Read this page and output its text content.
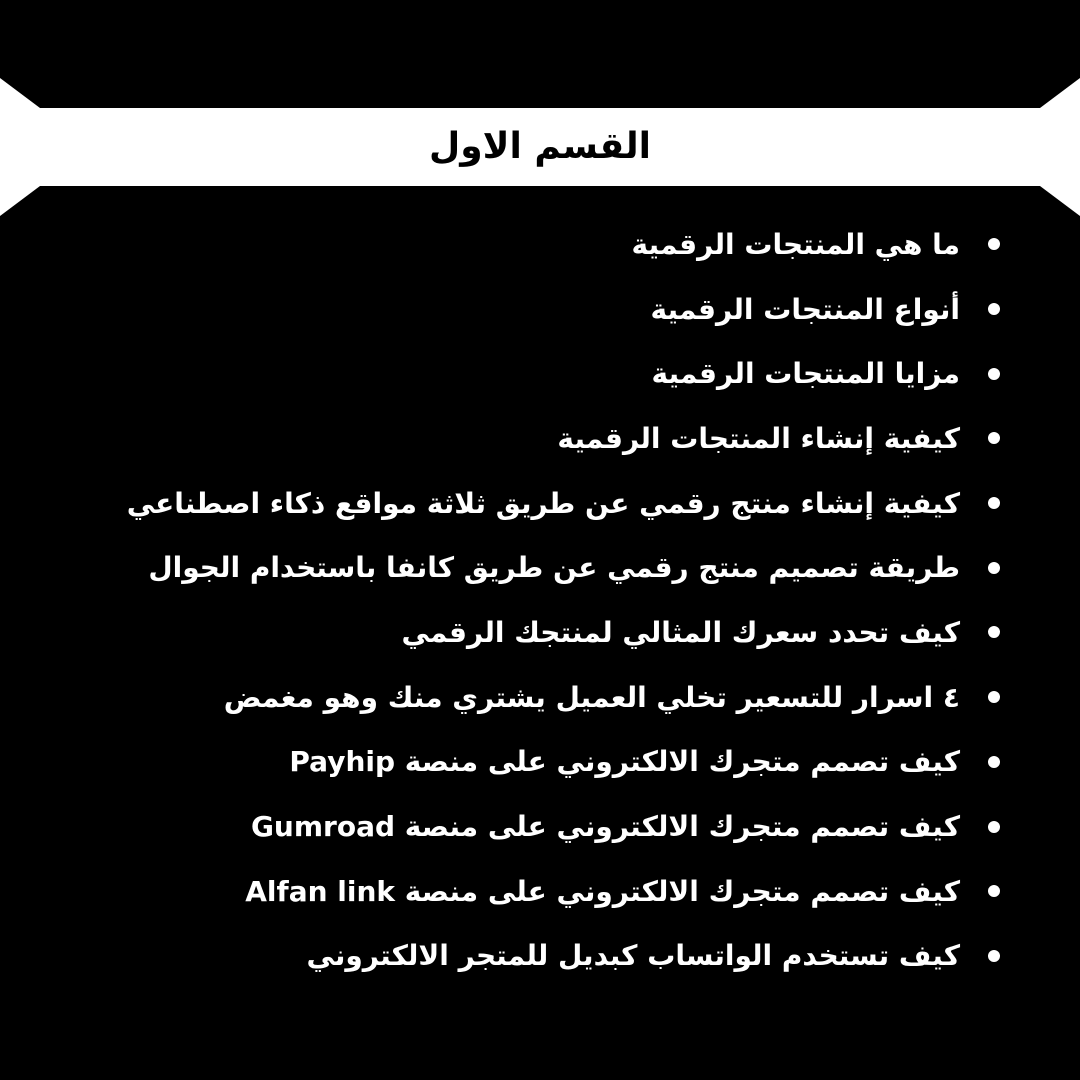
القسم الاول
ما هي المنتجات الرقمية
أنواع المنتجات الرقمية
مزايا المنتجات الرقمية
كيفية إنشاء المنتجات الرقمية
كيفية إنشاء منتج رقمي عن طريق ثلاثة مواقع ذكاء اصطناعي
طريقة تصميم منتج رقمي عن طريق كانفا باستخدام الجوال
كيف تحدد سعرك المثالي لمنتجك الرقمي
٤ اسرار للتسعير تخلي العميل يشتري منك وهو مغمض
كيف تصمم متجرك الالكتروني على منصة Payhip
كيف تصمم متجرك الالكتروني على منصة Gumroad
كيف تصمم متجرك الالكتروني على منصة Alfan link
كيف تستخدم الواتساب كبديل للمتجر الالكتروني
